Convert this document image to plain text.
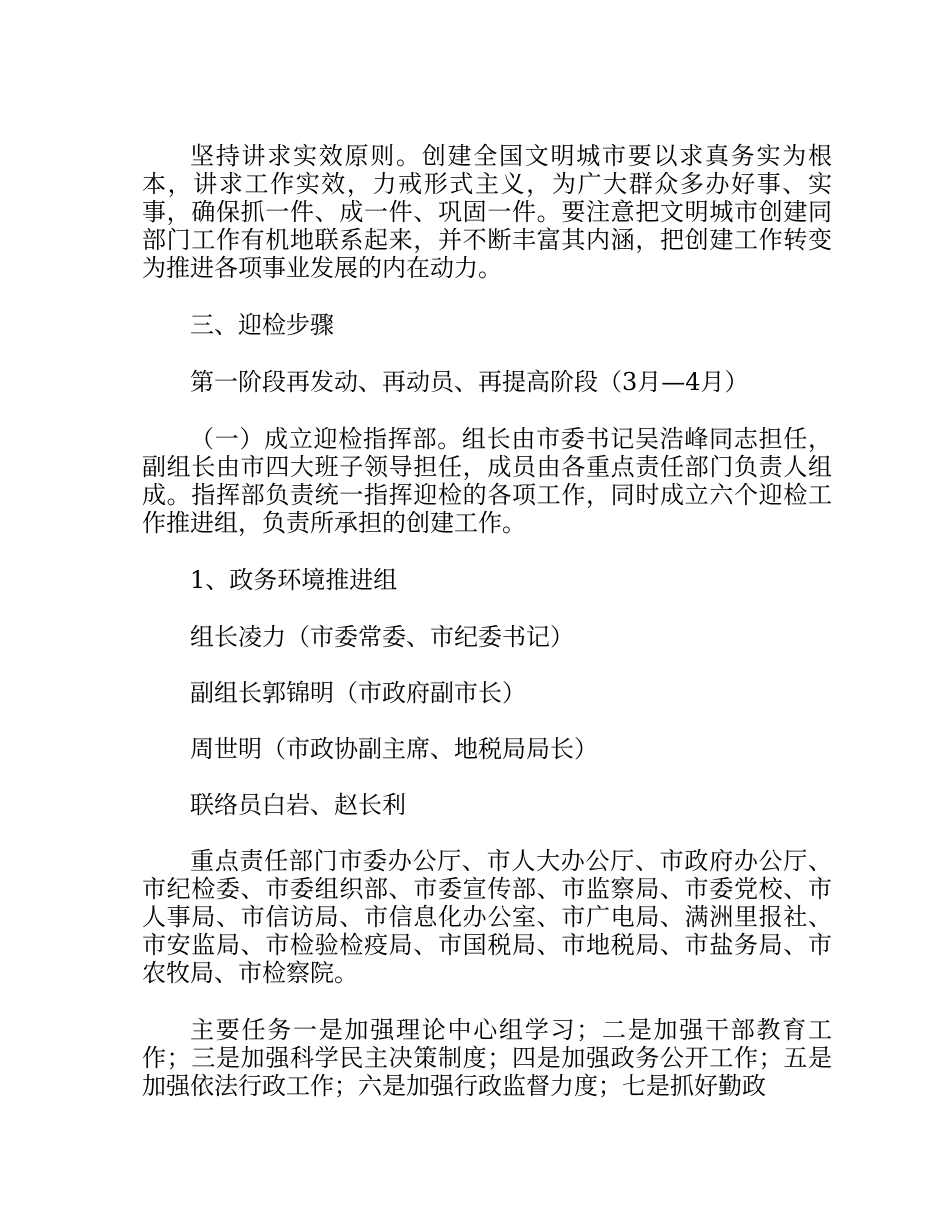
坚持讲求实效原则。创建全国文明城市要以求真务实为根本，讲求工作实效，力戒形式主义，为广大群众多办好事、实事，确保抓一件、成一件、巩固一件。要注意把文明城市创建同部门工作有机地联系起来，并不断丰富其内涵，把创建工作转变为推进各项事业发展的内在动力。

三、迎检步骤

第一阶段再发动、再动员、再提高阶段（3月—4月）

（一）成立迎检指挥部。组长由市委书记吴浩峰同志担任，副组长由市四大班子领导担任，成员由各重点责任部门负责人组成。指挥部负责统一指挥迎检的各项工作，同时成立六个迎检工作推进组，负责所承担的创建工作。

1、政务环境推进组

组长凌力（市委常委、市纪委书记）

副组长郭锦明（市政府副市长）

周世明（市政协副主席、地税局局长）

联络员白岩、赵长利

重点责任部门市委办公厅、市人大办公厅、市政府办公厅、市纪检委、市委组织部、市委宣传部、市监察局、市委党校、市人事局、市信访局、市信息化办公室、市广电局、满洲里报社、市安监局、市检验检疫局、市国税局、市地税局、市盐务局、市农牧局、市检察院。

主要任务一是加强理论中心组学习；二是加强干部教育工作；三是加强科学民主决策制度；四是加强政务公开工作；五是加强依法行政工作；六是加强行政监督力度；七是抓好勤政
